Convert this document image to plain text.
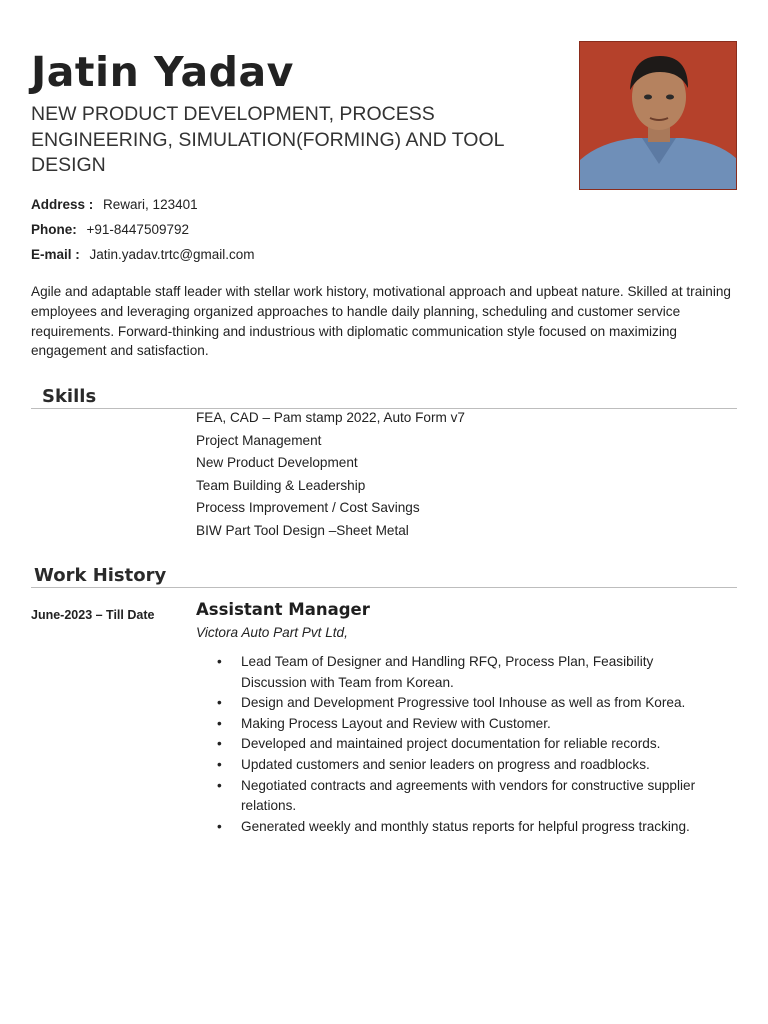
Jatin Yadav
NEW PRODUCT DEVELOPMENT, PROCESS ENGINEERING, SIMULATION(FORMING) AND TOOL DESIGN
Address : Rewari, 123401
Phone: +91-8447509792
E-mail : Jatin.yadav.trtc@gmail.com
Agile and adaptable staff leader with stellar work history, motivational approach and upbeat nature. Skilled at training employees and leveraging organized approaches to handle daily planning, scheduling and customer service requirements. Forward-thinking and industrious with diplomatic communication style focused on maximizing engagement and satisfaction.
Skills
FEA, CAD – Pam stamp 2022, Auto Form v7
Project Management
New Product Development
Team Building & Leadership
Process Improvement / Cost Savings
BIW Part Tool Design –Sheet Metal
Work History
June-2023 – Till Date	Assistant Manager
Victora Auto Part Pvt Ltd,
• Lead Team of Designer and Handling RFQ, Process Plan, Feasibility Discussion with Team from Korean.
• Design and Development Progressive tool Inhouse as well as from Korea.
• Making Process Layout and Review with Customer.
• Developed and maintained project documentation for reliable records.
• Updated customers and senior leaders on progress and roadblocks.
• Negotiated contracts and agreements with vendors for constructive supplier relations.
• Generated weekly and monthly status reports for helpful progress tracking.
